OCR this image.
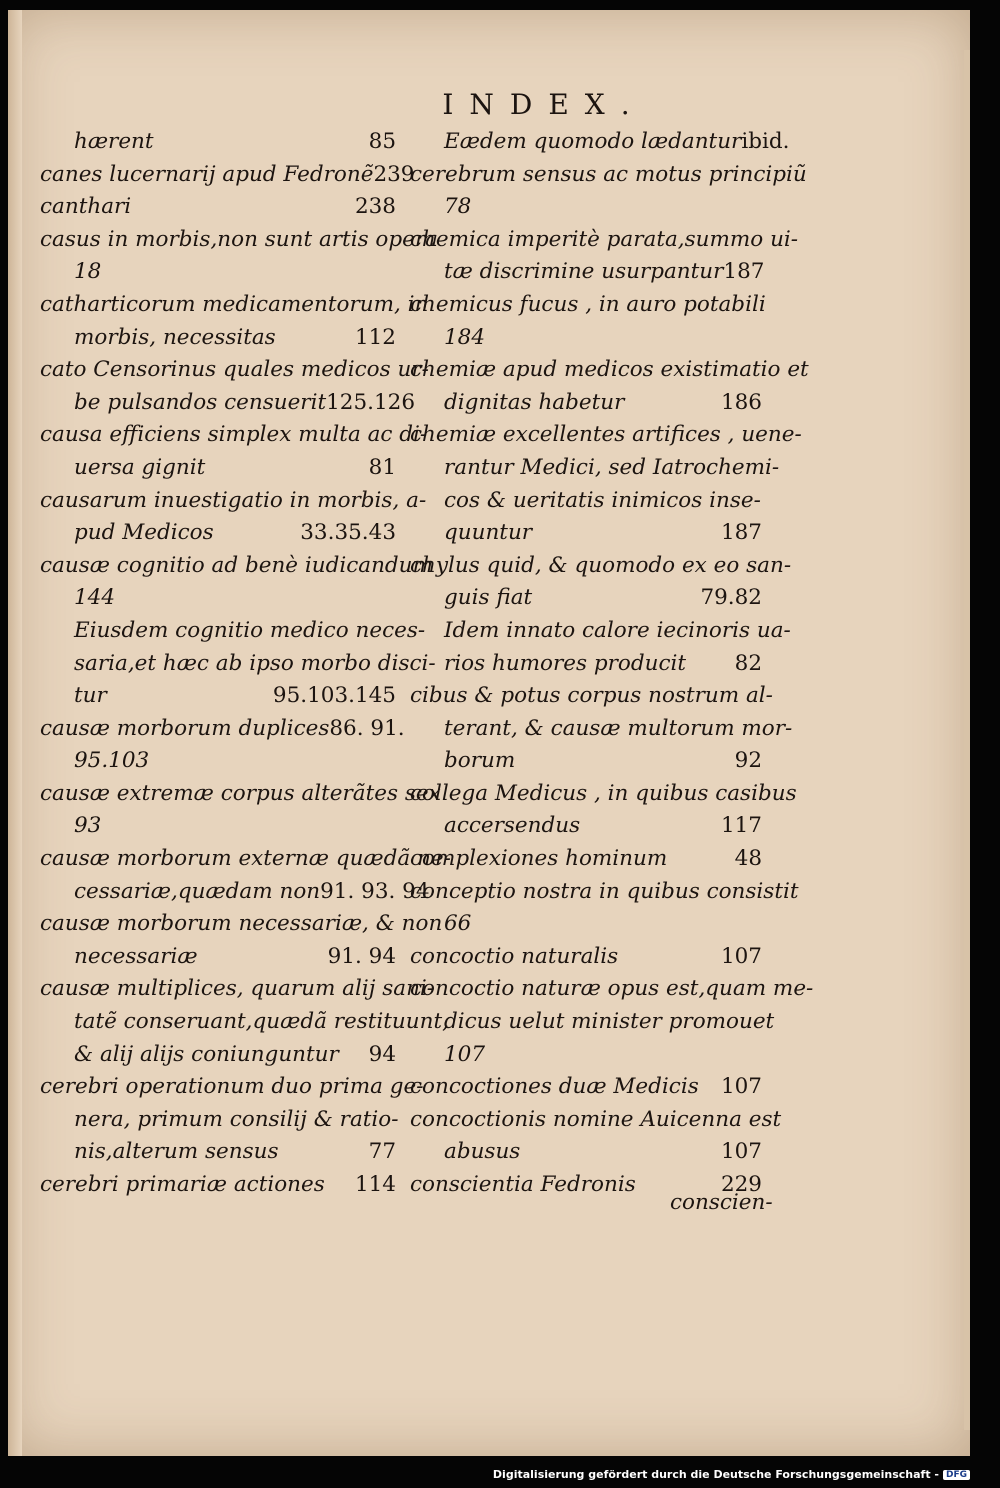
INDEX.
hærent	85
canes lucernarij apud Fedronẽ 239
canthari	238
casus in morbis,non sunt artis opera
18
catharticorum medicamentorum, in
morbis, necessitas	112
cato Censorinus quales medicos ur-
be pulsandos censuerit 125.126
causa efficiens simplex multa ac di-
uersa gignit	81
causarum inuestigatio in morbis, a-
pud Medicos	33.35.43
causæ cognitio ad benè iudicandum
144
Eiusdem cognitio medico neces-
saria,et hæc ab ipso morbo disci-
tur	95.103.145
causæ morborum duplices 86. 91.
95.103
causæ extremæ corpus alterãtes sex
93
causæ morborum externæ quædã ne-
cessariæ,quædam non 91. 93. 94
causæ morborum necessariæ, & non
necessariæ	91. 94
causæ multiplices, quarum alij sani-
tatẽ conseruant,quædã restituunt,
& alij alijs coniunguntur 94
cerebri operationum duo prima ge-
nera, primum consilij & ratio-
nis,alterum sensus	77
cerebri primariæ actiones 114
Eædem quomodo lædantur ibid.
cerebrum sensus ac motus principiũ
78
chemica imperitè parata,summo ui-
tæ discrimine usurpantur 187
chemicus fucus , in auro potabili
184
chemiæ apud medicos existimatio et
dignitas habetur	186
chemiæ excellentes artifices , uene-
rantur Medici, sed Iatrochemi-
cos & ueritatis inimicos inse-
quuntur	187
chylus quid, & quomodo ex eo san-
guis fiat	79.82
Idem innato calore iecinoris ua-
rios humores producit 82
cibus & potus corpus nostrum al-
terant, & causæ multorum mor-
borum	92
collega Medicus , in quibus casibus
accersendus	117
complexiones hominum	48
conceptio nostra in quibus consistit
66
concoctio naturalis	107
concoctio naturæ opus est,quam me-
dicus uelut minister promouet
107
concoctiones duæ Medicis 107
concoctionis nomine Auicenna est
abusus	107
conscientia Fedronis	229
conscien-
Digitalisierung gefördert durch die Deutsche Forschungsgemeinschaft - DFG
